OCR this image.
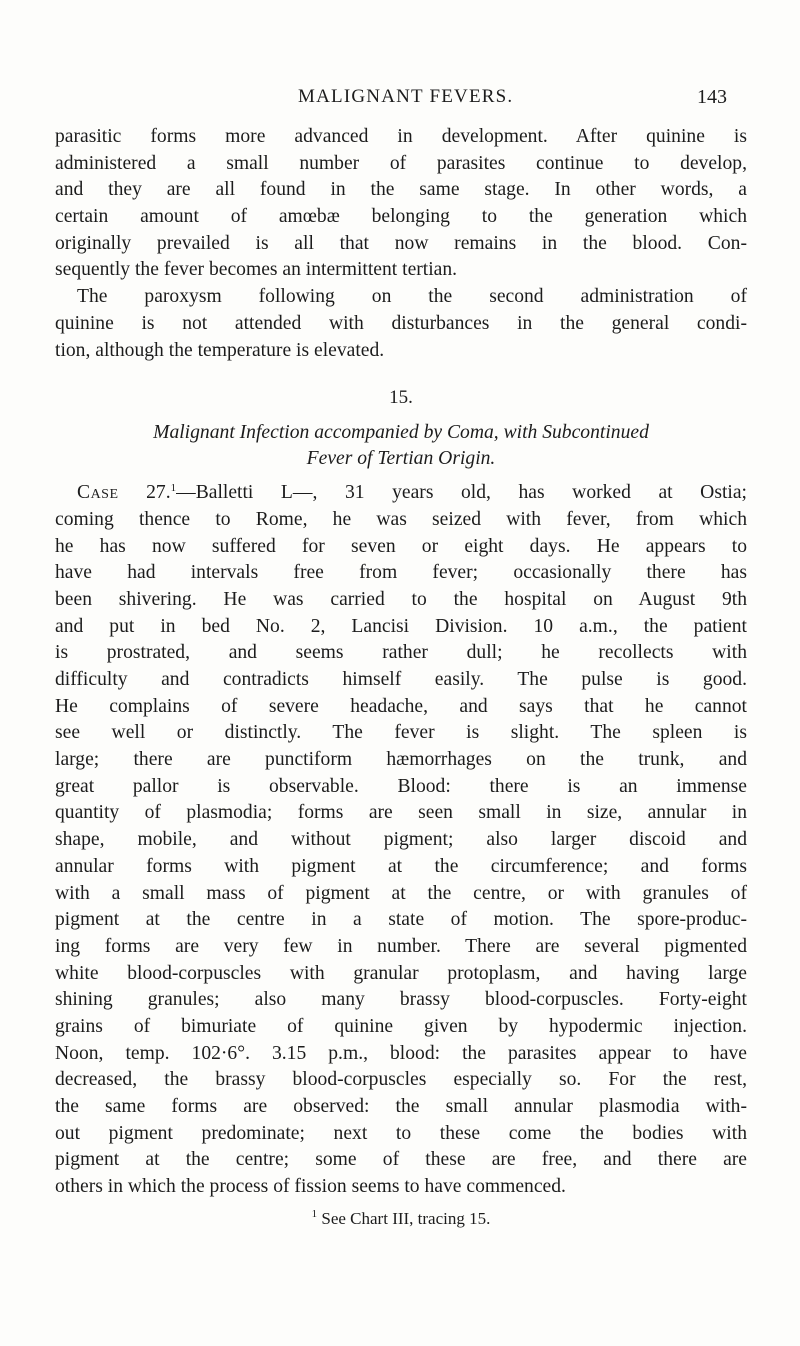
MALIGNANT FEVERS.	143
parasitic forms more advanced in development. After quinine is
administered a small number of parasites continue to develop,
and they are all found in the same stage. In other words, a
certain amount of amœbæ belonging to the generation which
originally prevailed is all that now remains in the blood. Con-
sequently the fever becomes an intermittent tertian.
The paroxysm following on the second administration of
quinine is not attended with disturbances in the general condi-
tion, although the temperature is elevated.
15.
Malignant Infection accompanied by Coma, with Subcontinued
Fever of Tertian Origin.
Case 27.$^1$—Balletti L—, 31 years old, has worked at Ostia;
coming thence to Rome, he was seized with fever, from which
he has now suffered for seven or eight days. He appears to
have had intervals free from fever; occasionally there has
been shivering. He was carried to the hospital on August 9th
and put in bed No. 2, Lancisi Division. 10 a.m., the patient
is prostrated, and seems rather dull; he recollects with
difficulty and contradicts himself easily. The pulse is good.
He complains of severe headache, and says that he cannot
see well or distinctly. The fever is slight. The spleen is
large; there are punctiform hæmorrhages on the trunk, and
great pallor is observable. Blood: there is an immense
quantity of plasmodia; forms are seen small in size, annular in
shape, mobile, and without pigment; also larger discoid and
annular forms with pigment at the circumference; and forms
with a small mass of pigment at the centre, or with granules of
pigment at the centre in a state of motion. The spore-produc-
ing forms are very few in number. There are several pigmented
white blood-corpuscles with granular protoplasm, and having large
shining granules; also many brassy blood-corpuscles. Forty-eight
grains of bimuriate of quinine given by hypodermic injection.
Noon, temp. 102·6°. 3.15 p.m., blood: the parasites appear to have
decreased, the brassy blood-corpuscles especially so. For the rest,
the same forms are observed: the small annular plasmodia with-
out pigment predominate; next to these come the bodies with
pigment at the centre; some of these are free, and there are
others in which the process of fission seems to have commenced.
$^1$ See Chart III, tracing 15.
